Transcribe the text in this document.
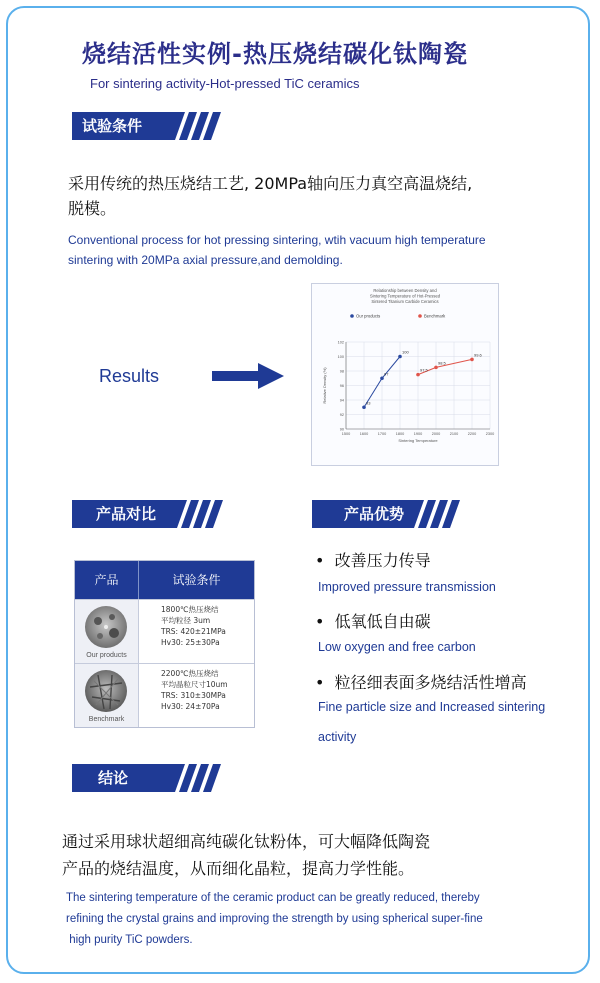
烧结活性实例-热压烧结碳化钛陶瓷
For sintering activity-Hot-pressed TiC ceramics
试验条件
采用传统的热压烧结工艺, 20MPa轴向压力真空高温烧结,
脱模。
Conventional process for hot pressing sintering, wtih vacuum high temperature
sintering with 20MPa axial pressure,and demolding.
Results
Relationship between Density and Sintering Temperature of Hot-Pressed Sintered Titanium Carbide Ceramics
Our products	Benchmark
1500	1600	1700	1800	1900	2000	2100	2200	2300
90
92
94
96
98
100
102
Sintering Temperature
Relative Density (%)	93
97
100
97.5
98.5
99.6
产品对比	产品优势
产品	试验条件
Our products
1800℃热压烧结
平均粒径 3um
TRS: 420±21MPa
Hv30: 25±30Pa
Benchmark
2200℃热压烧结
平均晶粒尺寸10um
TRS: 310±30MPa
Hv30: 24±70Pa
•  改善压力传导
Improved pressure transmission
•  低氧低自由碳
Low oxygen and free carbon
•  粒径细表面多烧结活性增高
Fine particle size and Increased sintering
activity
结论
通过采用球状超细高纯碳化钛粉体，可大幅降低陶瓷
产品的烧结温度，从而细化晶粒，提高力学性能。
The sintering temperature of the ceramic product can be greatly reduced, thereby
refining the crystal grains and improving the strength by using spherical super-fine
high purity TiC powders.
